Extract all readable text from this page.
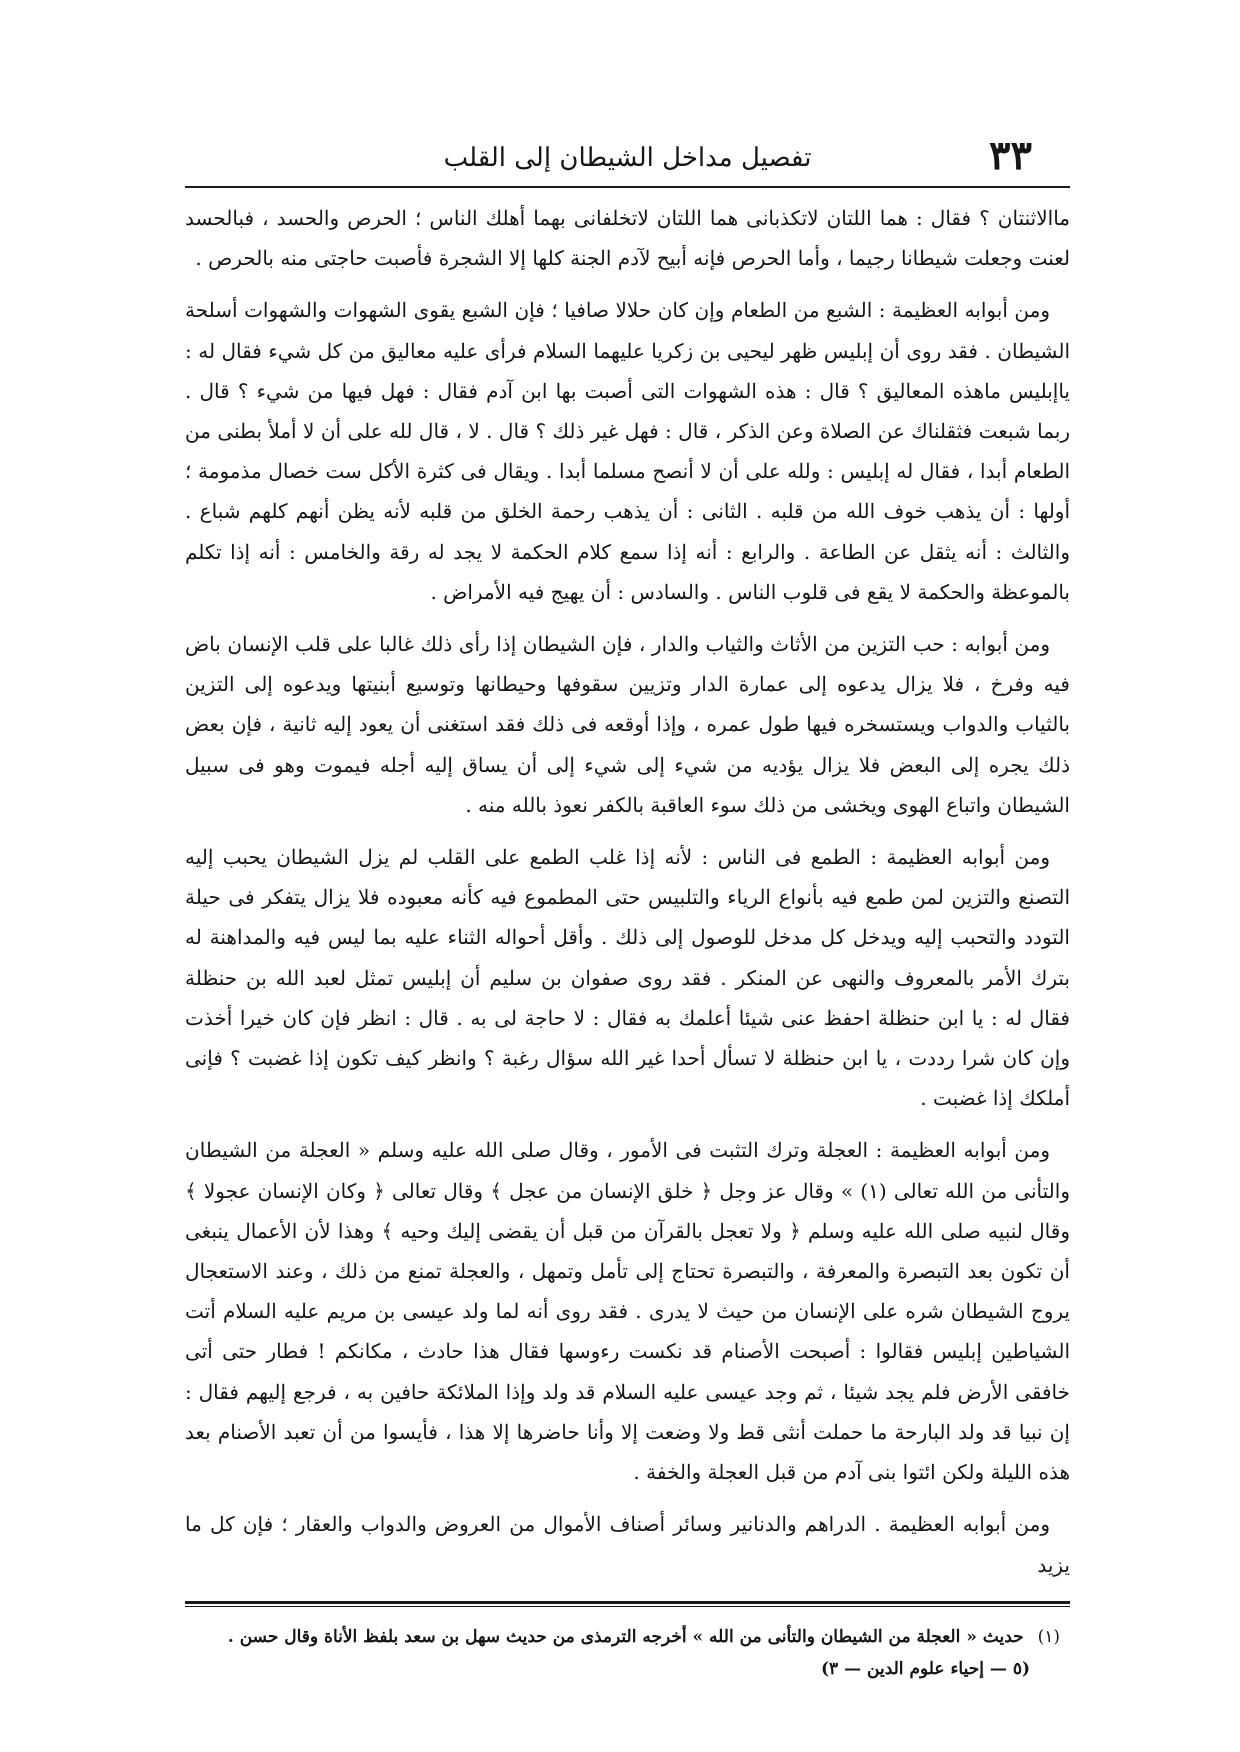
٣٣
تفصيل مداخل الشيطان إلى القلب

ماالاثنتان ؟ فقال : هما اللتان لاتكذبانى هما اللتان لاتخلفانى بهما أهلك الناس ؛ الحرص والحسد ، فبالحسد لعنت وجعلت شيطانا رجيما ، وأما الحرص فإنه أبيح لآدم الجنة كلها إلا الشجرة فأصبت حاجتى منه بالحرص .

ومن أبوابه العظيمة : الشبع من الطعام وإن كان حلالا صافيا ؛ فإن الشبع يقوى الشهوات والشهوات أسلحة الشيطان . فقد روى أن إبليس ظهر ليحيى بن زكريا عليهما السلام فرأى عليه معاليق من كل شيء فقال له : ياإبليس ماهذه المعاليق ؟ قال : هذه الشهوات التى أصبت بها ابن آدم فقال : فهل فيها من شيء ؟ قال . ربما شبعت فثقلناك عن الصلاة وعن الذكر ، قال : فهل غير ذلك ؟ قال . لا ، قال لله على أن لا أملأ بطنى من الطعام أبدا ، فقال له إبليس : ولله على أن لا أنصح مسلما أبدا . ويقال فى كثرة الأكل ست خصال مذمومة ؛ أولها : أن يذهب خوف الله من قلبه . الثانى : أن يذهب رحمة الخلق من قلبه لأنه يظن أنهم كلهم شباع . والثالث : أنه يثقل عن الطاعة . والرابع : أنه إذا سمع كلام الحكمة لا يجد له رقة والخامس : أنه إذا تكلم بالموعظة والحكمة لا يقع فى قلوب الناس . والسادس : أن يهيج فيه الأمراض .

ومن أبوابه : حب التزين من الأثاث والثياب والدار ، فإن الشيطان إذا رأى ذلك غالبا على قلب الإنسان باض فيه وفرخ ، فلا يزال يدعوه إلى عمارة الدار وتزيين سقوفها وحيطانها وتوسيع أبنيتها ويدعوه إلى التزين بالثياب والدواب ويستسخره فيها طول عمره ، وإذا أوقعه فى ذلك فقد استغنى أن يعود إليه ثانية ، فإن بعض ذلك يجره إلى البعض فلا يزال يؤديه من شيء إلى شيء إلى أن يساق إليه أجله فيموت وهو فى سبيل الشيطان واتباع الهوى ويخشى من ذلك سوء العاقبة بالكفر نعوذ بالله منه .

ومن أبوابه العظيمة : الطمع فى الناس : لأنه إذا غلب الطمع على القلب لم يزل الشيطان يحبب إليه التصنع والتزين لمن طمع فيه بأنواع الرياء والتلبيس حتى المطموع فيه كأنه معبوده فلا يزال يتفكر فى حيلة التودد والتحبب إليه ويدخل كل مدخل للوصول إلى ذلك . وأقل أحواله الثناء عليه بما ليس فيه والمداهنة له بترك الأمر بالمعروف والنهى عن المنكر . فقد روى صفوان بن سليم أن إبليس تمثل لعبد الله بن حنظلة فقال له : يا ابن حنظلة احفظ عنى شيئا أعلمك به فقال : لا حاجة لى به . قال : انظر فإن كان خيرا أخذت وإن كان شرا رددت ، يا ابن حنظلة لا تسأل أحدا غير الله سؤال رغبة ؟ وانظر كيف تكون إذا غضبت ؟ فإنى أملكك إذا غضبت .

ومن أبوابه العظيمة : العجلة وترك التثبت فى الأمور ، وقال صلى الله عليه وسلم « العجلة من الشيطان والتأنى من الله تعالى (١) » وقال عز وجل ﴿ خلق الإنسان من عجل ﴾ وقال تعالى ﴿ وكان الإنسان عجولا ﴾ وقال لنبيه صلى الله عليه وسلم ﴿ ولا تعجل بالقرآن من قبل أن يقضى إليك وحيه ﴾ وهذا لأن الأعمال ينبغى أن تكون بعد التبصرة والمعرفة ، والتبصرة تحتاج إلى تأمل وتمهل ، والعجلة تمنع من ذلك ، وعند الاستعجال يروج الشيطان شره على الإنسان من حيث لا يدرى . فقد روى أنه لما ولد عيسى بن مريم عليه السلام أتت الشياطين إبليس فقالوا : أصبحت الأصنام قد نكست رءوسها فقال هذا حادث ، مكانكم ! فطار حتى أتى خافقى الأرض فلم يجد شيئا ، ثم وجد عيسى عليه السلام قد ولد وإذا الملائكة حافين به ، فرجع إليهم فقال : إن نبيا قد ولد البارحة ما حملت أنثى قط ولا وضعت إلا وأنا حاضرها إلا هذا ، فأيسوا من أن تعبد الأصنام بعد هذه الليلة ولكن ائتوا بنى آدم من قبل العجلة والخفة .

ومن أبوابه العظيمة . الدراهم والدنانير وسائر أصناف الأموال من العروض والدواب والعقار ؛ فإن كل ما يزيد

(١) حديث « العجلة من الشيطان والتأنى من الله » أخرجه الترمذى من حديث سهل بن سعد بلفظ الأناة وقال حسن .
(٥ — إحياء علوم الدين — ٣)
